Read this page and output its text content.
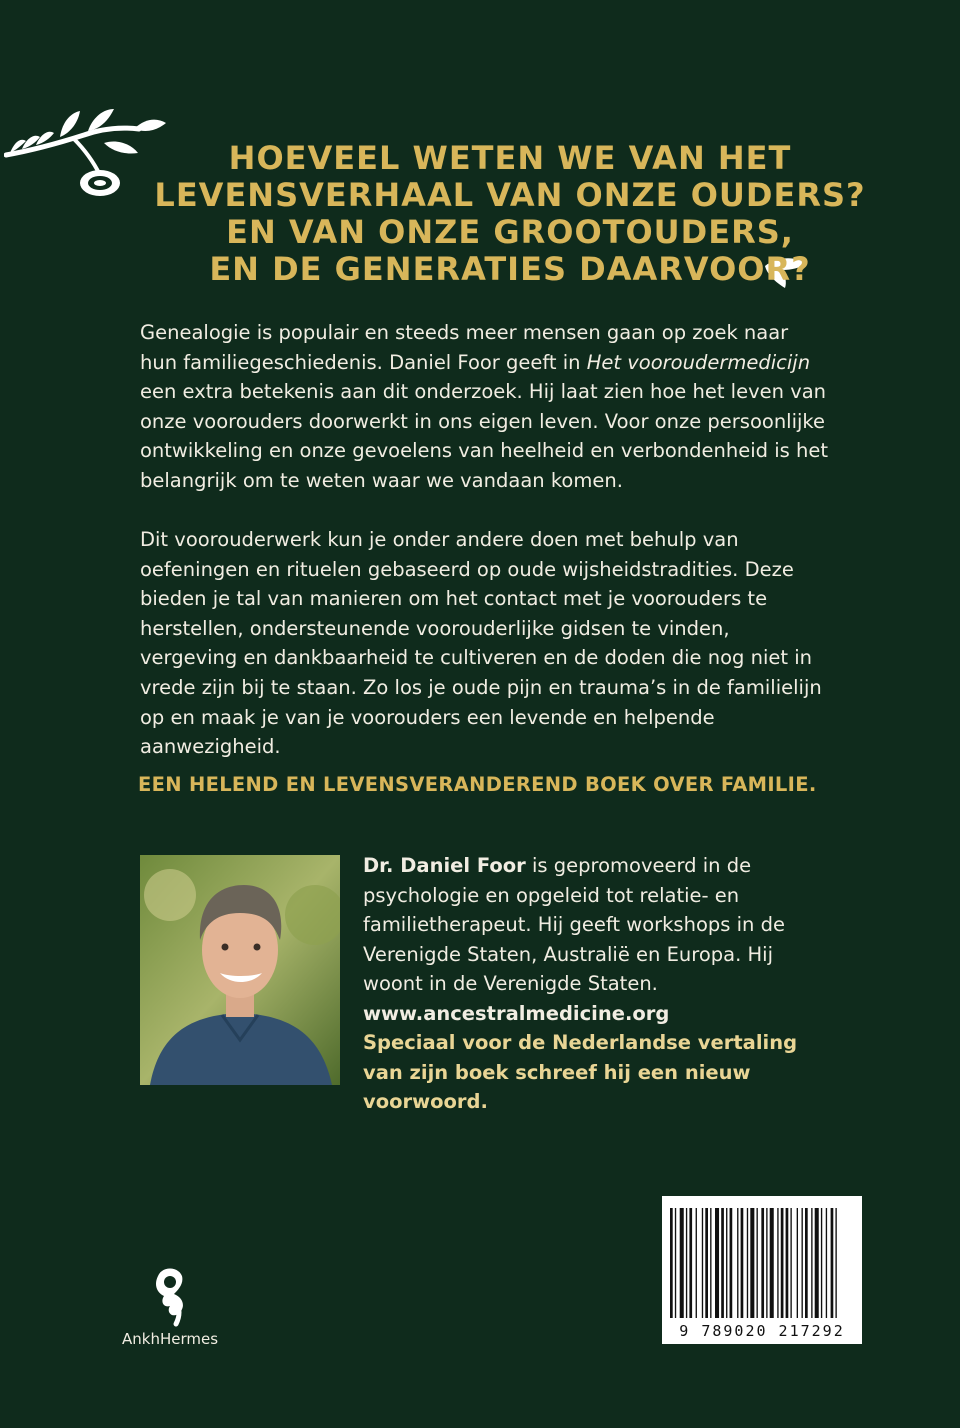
HOEVEEL WETEN WE VAN HET
LEVENSVERHAAL VAN ONZE OUDERS?
EN VAN ONZE GROOTOUDERS,
EN DE GENERATIES DAARVOOR?

Genealogie is populair en steeds meer mensen gaan op zoek naar hun familiegeschiedenis. Daniel Foor geeft in Het vooroudermedicijn een extra betekenis aan dit onderzoek. Hij laat zien hoe het leven van onze voorouders doorwerkt in ons eigen leven. Voor onze persoonlijke ontwikkeling en onze gevoelens van heelheid en verbondenheid is het belangrijk om te weten waar we vandaan komen.

Dit voorouderwerk kun je onder andere doen met behulp van oefeningen en rituelen gebaseerd op oude wijsheidstradities. Deze bieden je tal van manieren om het contact met je voorouders te herstellen, ondersteunende voorouderlijke gidsen te vinden, vergeving en dankbaarheid te cultiveren en de doden die nog niet in vrede zijn bij te staan. Zo los je oude pijn en trauma’s in de familielijn op en maak je van je voorouders een levende en helpende aanwezigheid.

EEN HELEND EN LEVENSVERANDEREND BOEK OVER FAMILIE.

Dr. Daniel Foor is gepromoveerd in de psychologie en opgeleid tot relatie- en familietherapeut. Hij geeft workshops in de Verenigde Staten, Australië en Europa. Hij woont in de Verenigde Staten.
www.ancestralmedicine.org
Speciaal voor de Nederlandse vertaling van zijn boek schreef hij een nieuw voorwoord.

AnkhHermes	9 789020 217292
